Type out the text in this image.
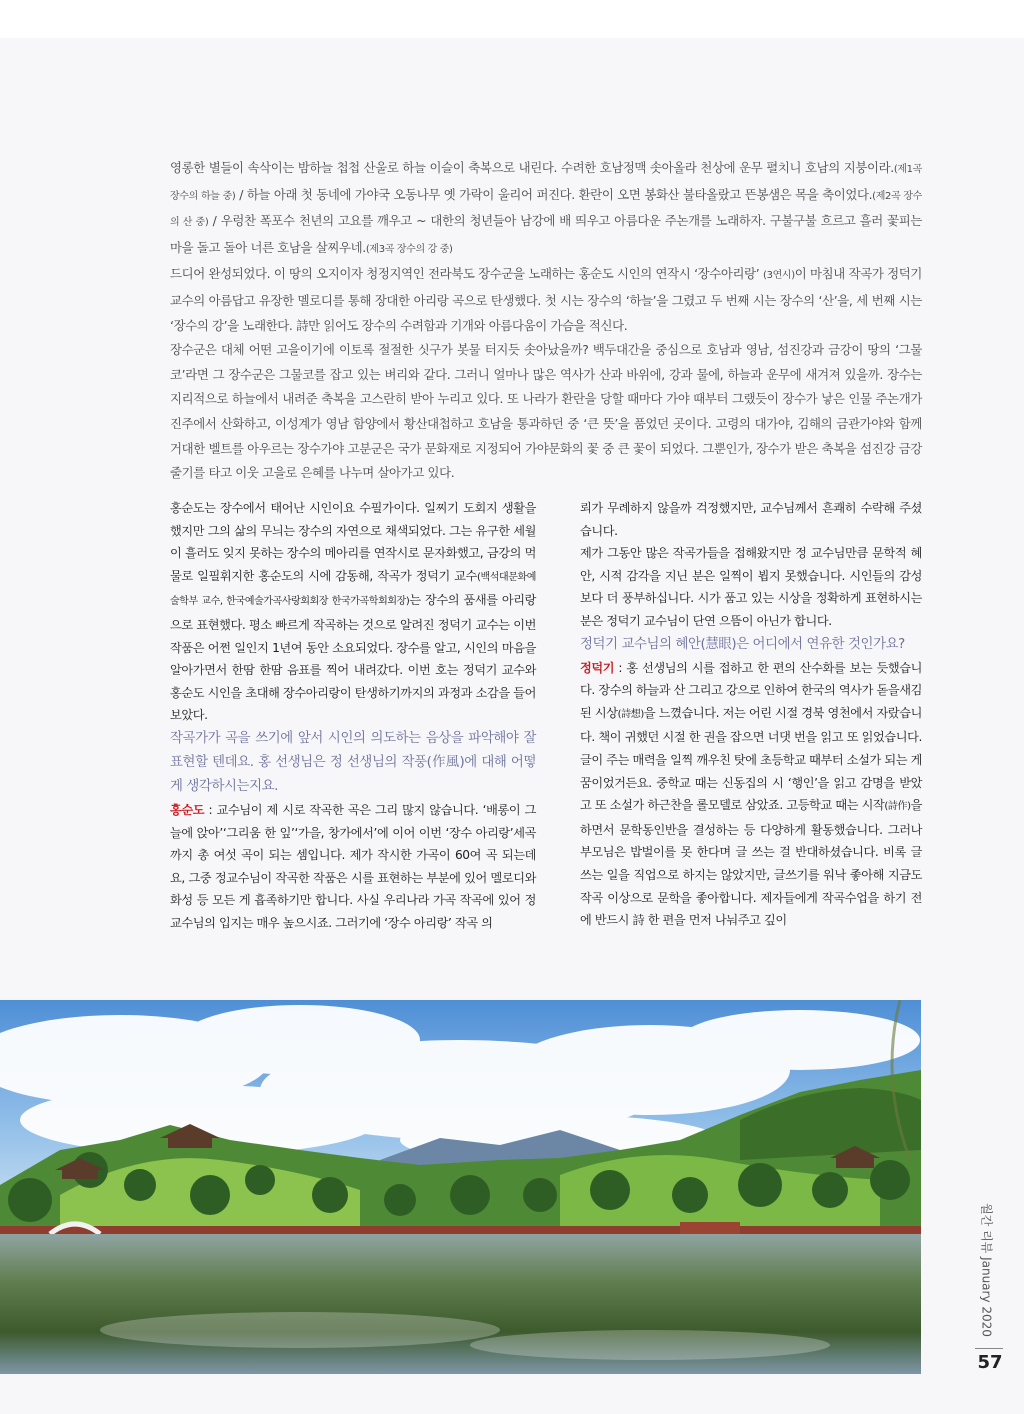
영롱한 별들이 속삭이는 밤하늘 첩첩 산울로 하늘 이슬이 축복으로 내린다. 수려한 호남정맥 솟아올라 천상에 운무 펼치니 호남의 지붕이라.(제1곡 장수의 하늘 중) / 하늘 아래 첫 동네에 가야국 오동나무 옛 가락이 울리어 퍼진다. 환란이 오면 봉화산 불타올랐고 뜬봉샘은 목을 축이었다.(제2곡 장수의 산 중) / 우렁찬 폭포수 천년의 고요를 깨우고 ~ 대한의 청년들아 남강에 배 띄우고 아름다운 주논개를 노래하자. 구불구불 흐르고 흘러 꽃피는 마을 돌고 돌아 너른 호남을 살찌우네.(제3곡 장수의 강 중)

드디어 완성되었다. 이 땅의 오지이자 청정지역인 전라북도 장수군을 노래하는 홍순도 시인의 연작시 ‘장수아리랑’ (3연시)이 마침내 작곡가 정덕기 교수의 아름답고 유장한 멜로디를 통해 장대한 아리랑 곡으로 탄생했다. 첫 시는 장수의 ‘하늘’을 그렸고 두 번째 시는 장수의 ‘산’을, 세 번째 시는 ‘장수의 강’을 노래한다. 詩만 읽어도 장수의 수려함과 기개와 아름다움이 가슴을 적신다.

장수군은 대체 어떤 고을이기에 이토록 절절한 싯구가 봇물 터지듯 솟아났을까? 백두대간을 중심으로 호남과 영남, 섬진강과 금강이 땅의 ‘그물코’라면 그 장수군은 그물코를 잡고 있는 벼리와 같다. 그러니 얼마나 많은 역사가 산과 바위에, 강과 물에, 하늘과 운무에 새겨져 있을까. 장수는 지리적으로 하늘에서 내려준 축복을 고스란히 받아 누리고 있다. 또 나라가 환란을 당할 때마다 가야 때부터 그랬듯이 장수가 낳은 인물 주논개가 진주에서 산화하고, 이성계가 영남 함양에서 황산대첩하고 호남을 통과하던 중 ‘큰 뜻’을 품었던 곳이다. 고령의 대가야, 김해의 금관가야와 함께 거대한 벨트를 아우르는 장수가야 고분군은 국가 문화재로 지정되어 가야문화의 꽃 중 큰 꽃이 되었다. 그뿐인가, 장수가 받은 축복을 섬진강 금강 줄기를 타고 이웃 고을로 은혜를 나누며 살아가고 있다.

홍순도는 장수에서 태어난 시인이요 수필가이다. 일찌기 도회지 생활을 했지만 그의 삶의 무늬는 장수의 자연으로 채색되었다. 그는 유구한 세월이 흘러도 잊지 못하는 장수의 메아리를 연작시로 문자화했고, 금강의 먹물로 일필휘지한 홍순도의 시에 감동해, 작곡가 정덕기 교수(백석대문화예술학부 교수, 한국예술가곡사랑회회장 한국가곡학회회장)는 장수의 품새를 아리랑으로 표현했다. 평소 빠르게 작곡하는 것으로 알려진 정덕기 교수는 이번 작품은 어쩐 일인지 1년여 동안 소요되었다. 장수를 알고, 시인의 마음을 알아가면서 한땀 한땀 음표를 찍어 내려갔다. 이번 호는 정덕기 교수와 홍순도 시인을 초대해 장수아리랑이 탄생하기까지의 과정과 소감을 들어보았다.

작곡가가 곡을 쓰기에 앞서 시인의 의도하는 음상을 파악해야 잘 표현할 텐데요. 홍 선생님은 정 선생님의 작풍(作風)에 대해 어떻게 생각하시는지요.

홍순도 : 교수님이 제 시로 작곡한 곡은 그리 많지 않습니다. ‘배롱이 그늘에 앉아’‘그리움 한 잎’‘가을, 창가에서’에 이어 이번 ‘장수 아리랑’세곡까지 총 여섯 곡이 되는 셈입니다. 제가 작시한 가곡이 60여 곡 되는데요, 그중 정교수님이 작곡한 작품은 시를 표현하는 부분에 있어 멜로디와 화성 등 모든 게 흡족하기만 합니다. 사실 우리나라 가곡 작곡에 있어 정 교수님의 입지는 매우 높으시죠. 그러기에 ‘장수 아리랑’ 작곡 의

뢰가 무례하지 않을까 걱정했지만, 교수님께서 흔쾌히 수락해 주셨습니다.

제가 그동안 많은 작곡가들을 접해왔지만 정 교수님만큼 문학적 혜안, 시적 감각을 지닌 분은 일찍이 뵙지 못했습니다. 시인들의 감성보다 더 풍부하십니다. 시가 품고 있는 시상을 정확하게 표현하시는 분은 정덕기 교수님이 단연 으뜸이 아닌가 합니다.

정덕기 교수님의 혜안(慧眼)은 어디에서 연유한 것인가요?

정덕기 : 홍 선생님의 시를 접하고 한 편의 산수화를 보는 듯했습니다. 장수의 하늘과 산 그리고 강으로 인하여 한국의 역사가 돋을새김 된 시상(詩想)을 느꼈습니다. 저는 어린 시절 경북 영천에서 자랐습니다. 책이 귀했던 시절 한 권을 잡으면 너댓 번을 읽고 또 읽었습니다. 글이 주는 매력을 일찍 깨우친 탓에 초등학교 때부터 소설가 되는 게 꿈이었거든요. 중학교 때는 신동집의 시 ‘행인’을 읽고 감명을 받았고 또 소설가 하근찬을 롤모델로 삼았죠. 고등학교 때는 시작(詩作)을 하면서 문학동인반을 결성하는 등 다양하게 활동했습니다. 그러나 부모님은 밥벌이를 못 한다며 글 쓰는 걸 반대하셨습니다. 비록 글 쓰는 일을 직업으로 하지는 않았지만, 글쓰기를 워낙 좋아해 지금도 작곡 이상으로 문학을 좋아합니다. 제자들에게 작곡수업을 하기 전에 반드시 詩 한 편을 먼저 나눠주고 깊이

월간 리뷰 January 2020
57
